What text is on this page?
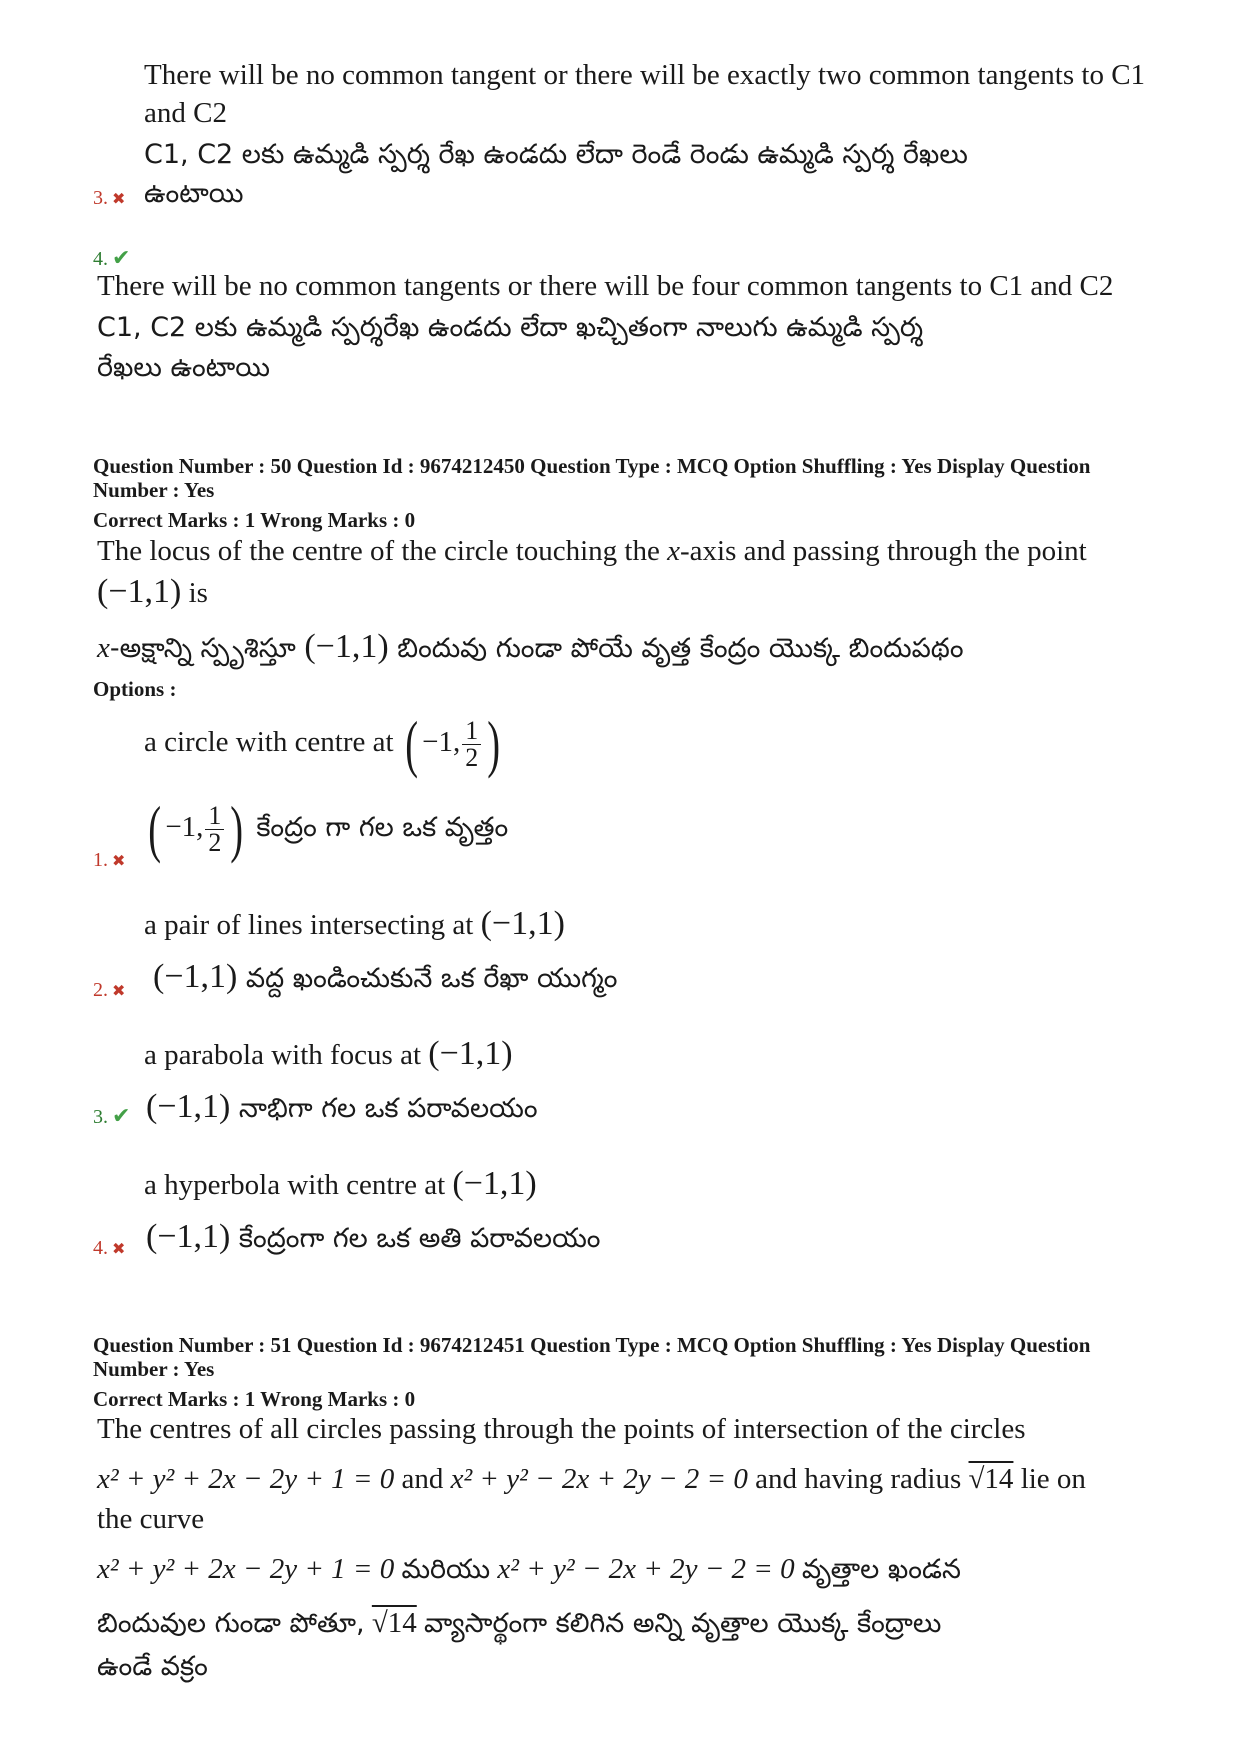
There will be no common tangent or there will be exactly two common tangents to C1
and C2
C1, C2 లకు ఉమ్మడి స్పర్శ రేఖ ఉండదు లేదా రెండే రెండు ఉమ్మడి స్పర్శ రేఖలు
3. ✖ ఉంటాయి
4. ✔
There will be no common tangents or there will be four common tangents to C1 and C2
C1, C2 లకు ఉమ్మడి స్పర్శరేఖ ఉండదు లేదా ఖచ్చితంగా నాలుగు ఉమ్మడి స్పర్శ
రేఖలు ఉంటాయి
Question Number : 50 Question Id : 9674212450 Question Type : MCQ Option Shuffling : Yes Display Question
Number : Yes
Correct Marks : 1 Wrong Marks : 0
The locus of the centre of the circle touching the x-axis and passing through the point
(−1,1) is
x-అక్షాన్ని స్పృశిస్తూ (−1,1) బిందువు గుండా పోయే వృత్త కేంద్రం యొక్క బిందుపథం
Options :
a circle with centre at ( −1, $\frac{1}{2}$ )
( −1, $\frac{1}{2}$ ) కేంద్రం గా గల ఒక వృత్తం
1. ✖
a pair of lines intersecting at (−1,1)
(−1,1) వద్ద ఖండించుకునే ఒక రేఖా యుగ్మం
2. ✖
a parabola with focus at (−1,1)
(−1,1) నాభిగా గల ఒక పరావలయం
3. ✔
a hyperbola with centre at (−1,1)
(−1,1) కేంద్రంగా గల ఒక అతి పరావలయం
4. ✖
Question Number : 51 Question Id : 9674212451 Question Type : MCQ Option Shuffling : Yes Display Question
Number : Yes
Correct Marks : 1 Wrong Marks : 0
The centres of all circles passing through the points of intersection of the circles
x² + y² + 2x − 2y + 1 = 0 and x² + y² − 2x + 2y − 2 = 0 and having radius √14 lie on
the curve
x² + y² + 2x − 2y + 1 = 0 మరియు x² + y² − 2x + 2y − 2 = 0 వృత్తాల ఖండన
బిందువుల గుండా పోతూ, √14 వ్యాసార్థంగా కలిగిన అన్ని వృత్తాల యొక్క కేంద్రాలు
ఉండే వక్రం
